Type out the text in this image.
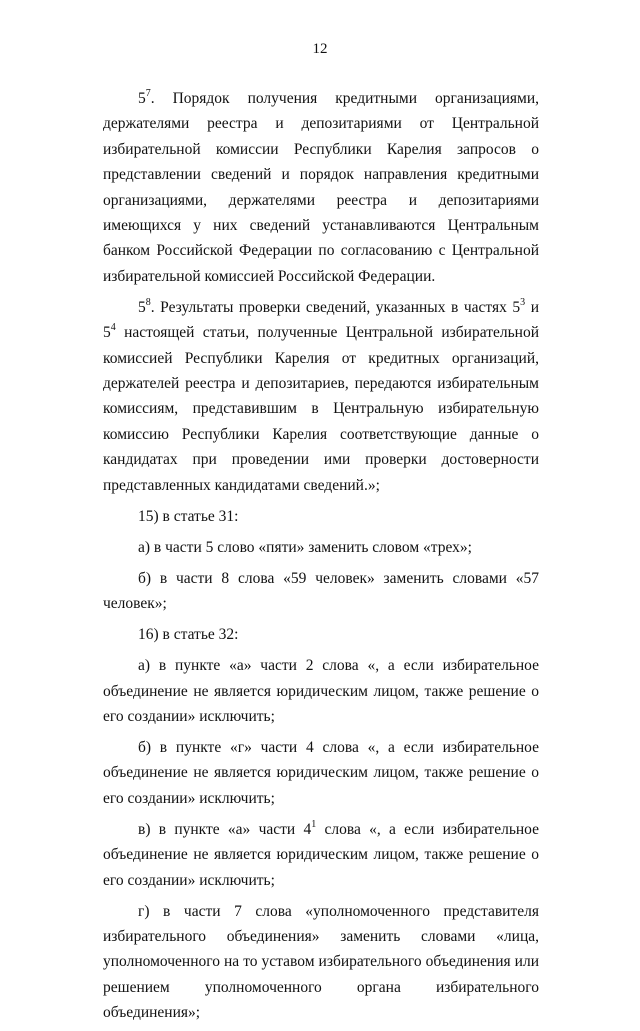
12

$5^7$. Порядок получения кредитными организациями, держателями реестра и депозитариями от Центральной избирательной комиссии Республики Карелия запросов о представлении сведений и порядок направления кредитными организациями, держателями реестра и депозитариями имеющихся у них сведений устанавливаются Центральным банком Российской Федерации по согласованию с Центральной избирательной комиссией Российской Федерации.

$5^8$. Результаты проверки сведений, указанных в частях $5^3$ и $5^4$ настоящей статьи, полученные Центральной избирательной комиссией Республики Карелия от кредитных организаций, держателей реестра и депозитариев, передаются избирательным комиссиям, представившим в Центральную избирательную комиссию Республики Карелия соответствующие данные о кандидатах при проведении ими проверки достоверности представленных кандидатами сведений.»;

15) в статье 31:

а) в части 5 слово «пяти» заменить словом «трех»;

б) в части 8 слова «59 человек» заменить словами «57 человек»;

16) в статье 32:

а) в пункте «а» части 2 слова «, а если избирательное объединение не является юридическим лицом, также решение о его создании» исключить;

б) в пункте «г» части 4 слова «, а если избирательное объединение не является юридическим лицом, также решение о его создании» исключить;

в) в пункте «а» части $4^1$ слова «, а если избирательное объединение не является юридическим лицом, также решение о его создании» исключить;

г) в части 7 слова «уполномоченного представителя избирательного объединения» заменить словами «лица, уполномоченного на то уставом избирательного объединения или решением уполномоченного органа избирательного объединения»;
